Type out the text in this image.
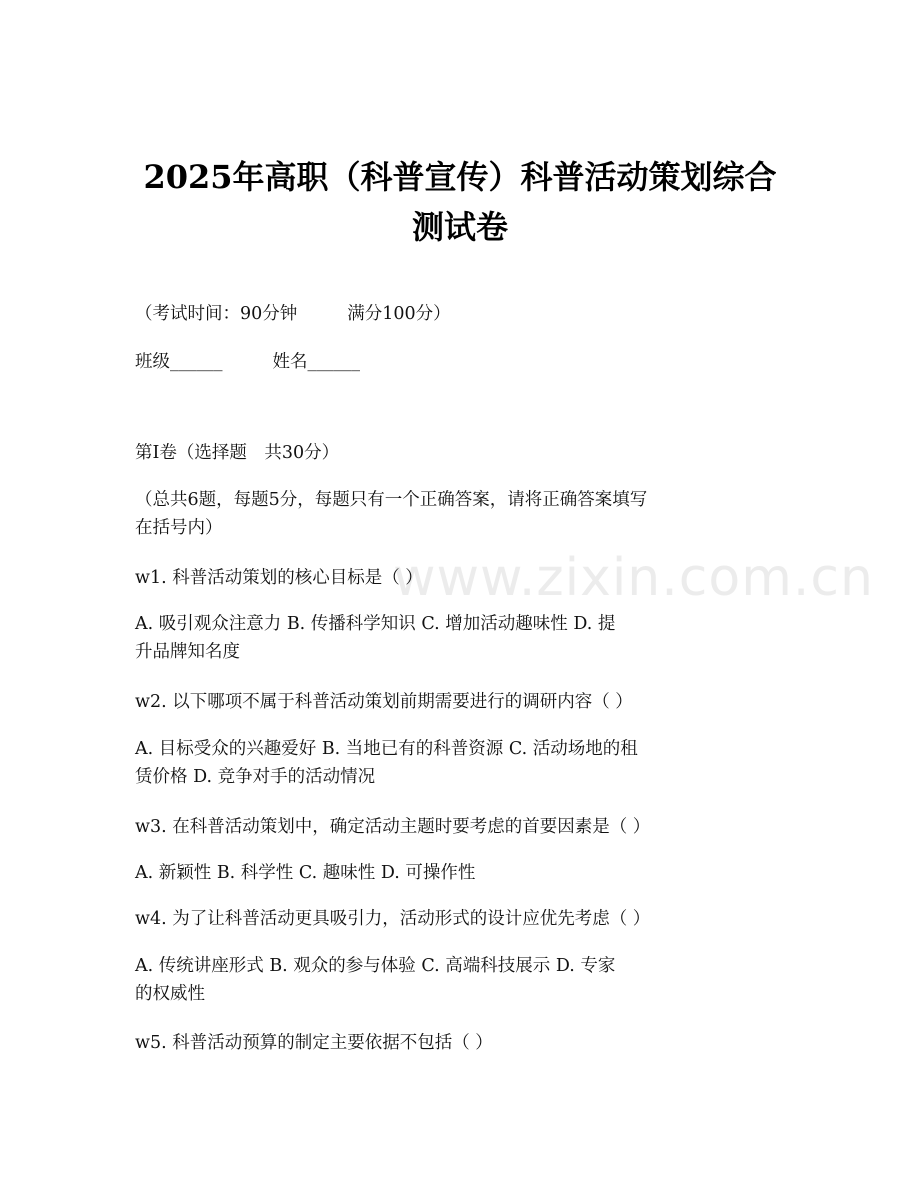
www.zixin.com.cn
2025年高职（科普宣传）科普活动策划综合
测试卷
（考试时间：90分钟	满分100分）
班级______	姓名______
第Ⅰ卷（选择题　共30分）
（总共6题，每题5分，每题只有一个正确答案，请将正确答案填写
在括号内）
w1. 科普活动策划的核心目标是（ ）
A. 吸引观众注意力 B. 传播科学知识 C. 增加活动趣味性 D. 提
升品牌知名度
w2. 以下哪项不属于科普活动策划前期需要进行的调研内容（ ）
A. 目标受众的兴趣爱好 B. 当地已有的科普资源 C. 活动场地的租
赁价格 D. 竞争对手的活动情况
w3. 在科普活动策划中，确定活动主题时要考虑的首要因素是（ ）
A. 新颖性 B. 科学性 C. 趣味性 D. 可操作性
w4. 为了让科普活动更具吸引力，活动形式的设计应优先考虑（ ）
A. 传统讲座形式 B. 观众的参与体验 C. 高端科技展示 D. 专家
的权威性
w5. 科普活动预算的制定主要依据不包括（ ）
